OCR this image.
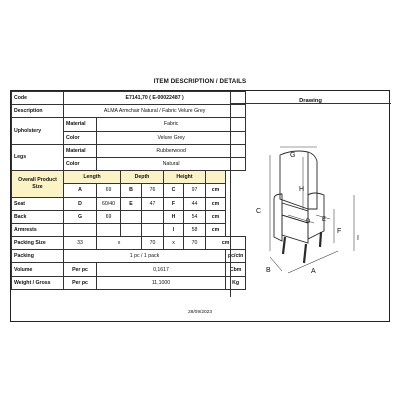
ITEM DESCRIPTION / DETAILS
Code	E7141,70 ( E-00022487 )							
Description	ALMA Armchair Natural / Fabric Velure Grey							
Upholstery	Material	Fabric						
	Color	Velure Grey						
Legs	Material	Rubberwood						
	Color	Natural						
Overall Product Size	Length		Depth		Height			
	A	69	B	76	C	97	cm	
Seat	D	60/40	E	47	F	44	cm	
Back	G	69			H	54	cm	
Armrests					I	58	cm	
Packing Size	33	x		70	x	70	cm	
Packing	1 pc / 1 pack							pc/ctn
Volume	Per pc	0,1617						Cbm
Weight / Gross	Per pc	11,1000						Kg
Drawing
G
H
C
E
D
F
I
B	A
28/09/2023
